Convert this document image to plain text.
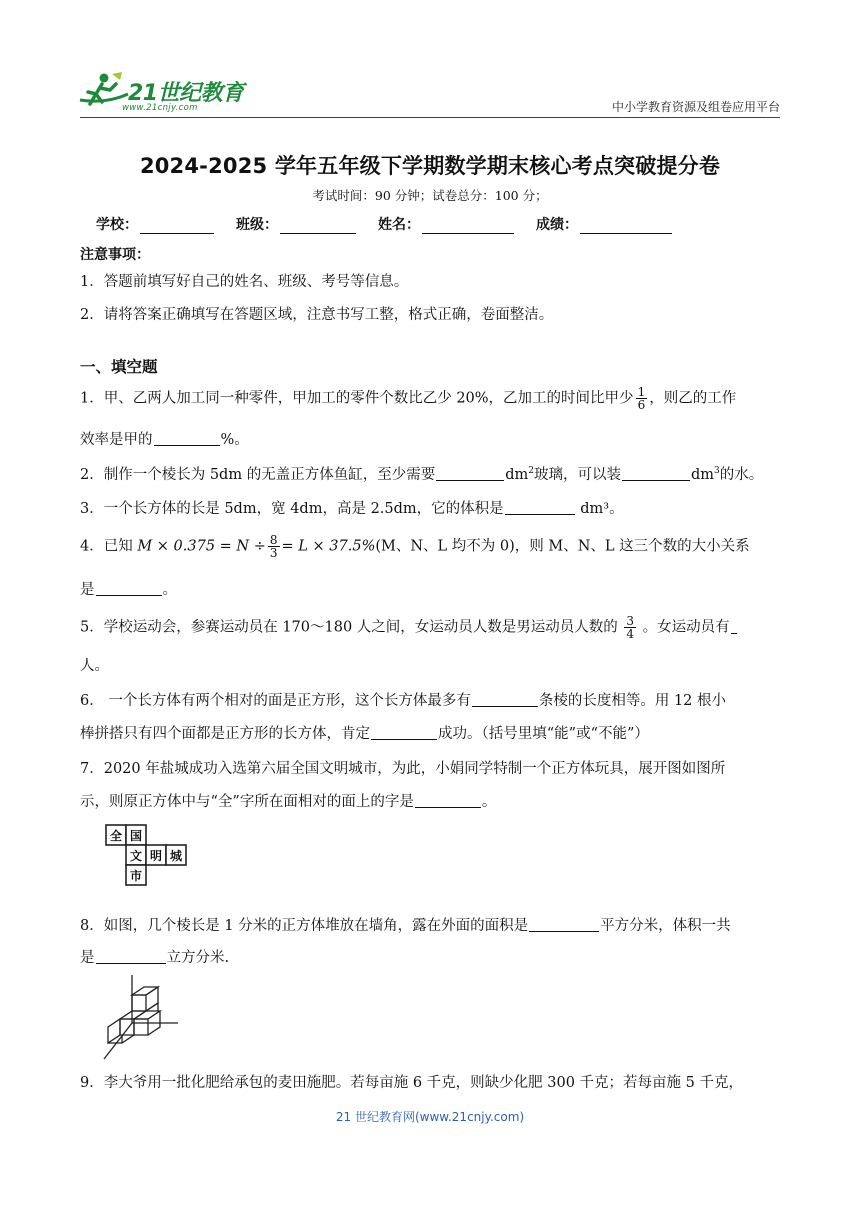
21世纪教育
www.21cnjy.com	中小学教育资源及组卷应用平台
2024-2025 学年五年级下学期数学期末核心考点突破提分卷
考试时间：90 分钟；试卷总分：100 分；
学校：	班级：	姓名：	成绩：
注意事项：
1．答题前填写好自己的姓名、班级、考号等信息。
2．请将答案正确填写在答题区域，注意书写工整，格式正确，卷面整洁。
一、填空题
1．甲、乙两人加工同一种零件，甲加工的零件个数比乙少 20%，乙加工的时间比甲少 $\frac{1}{6}$ ，则乙的工作
效率是甲的	%。
2．制作一个棱长为 5dm 的无盖正方体鱼缸，至少需要	$dm^2$玻璃，可以装	$dm^3$的水。
3．一个长方体的长是 5dm，宽 4dm，高是 2.5dm，它的体积是	dm³。
4．已知 $M \times 0.375 = N \div \frac{8}{3} = L \times 37.5\%(M$、N、L 均不为 0)，则 M、N、L 这三个数的大小关系
是	。
5．学校运动会，参赛运动员在 170～180 人之间，女运动员人数是男运动员人数的 $\frac{3}{4}$ 。女运动员有
人。
6． 一个长方体有两个相对的面是正方形，这个长方体最多有	条棱的长度相等。用 12 根小
棒拼搭只有四个面都是正方形的长方体，肯定	成功。（括号里填“能”或“不能”）
7．2020 年盐城成功入选第六届全国文明城市，为此，小娟同学特制一个正方体玩具，展开图如图所
示，则原正方体中与“全”字所在面相对的面上的字是	。
全 国
文 明 城
市
8．如图，几个棱长是 1 分米的正方体堆放在墙角，露在外面的面积是	平方分米，体积一共
是	立方分米.
9．李大爷用一批化肥给承包的麦田施肥。若每亩施 6 千克，则缺少化肥 300 千克；若每亩施 5 千克，
21 世纪教育网(www.21cnjy.com)
